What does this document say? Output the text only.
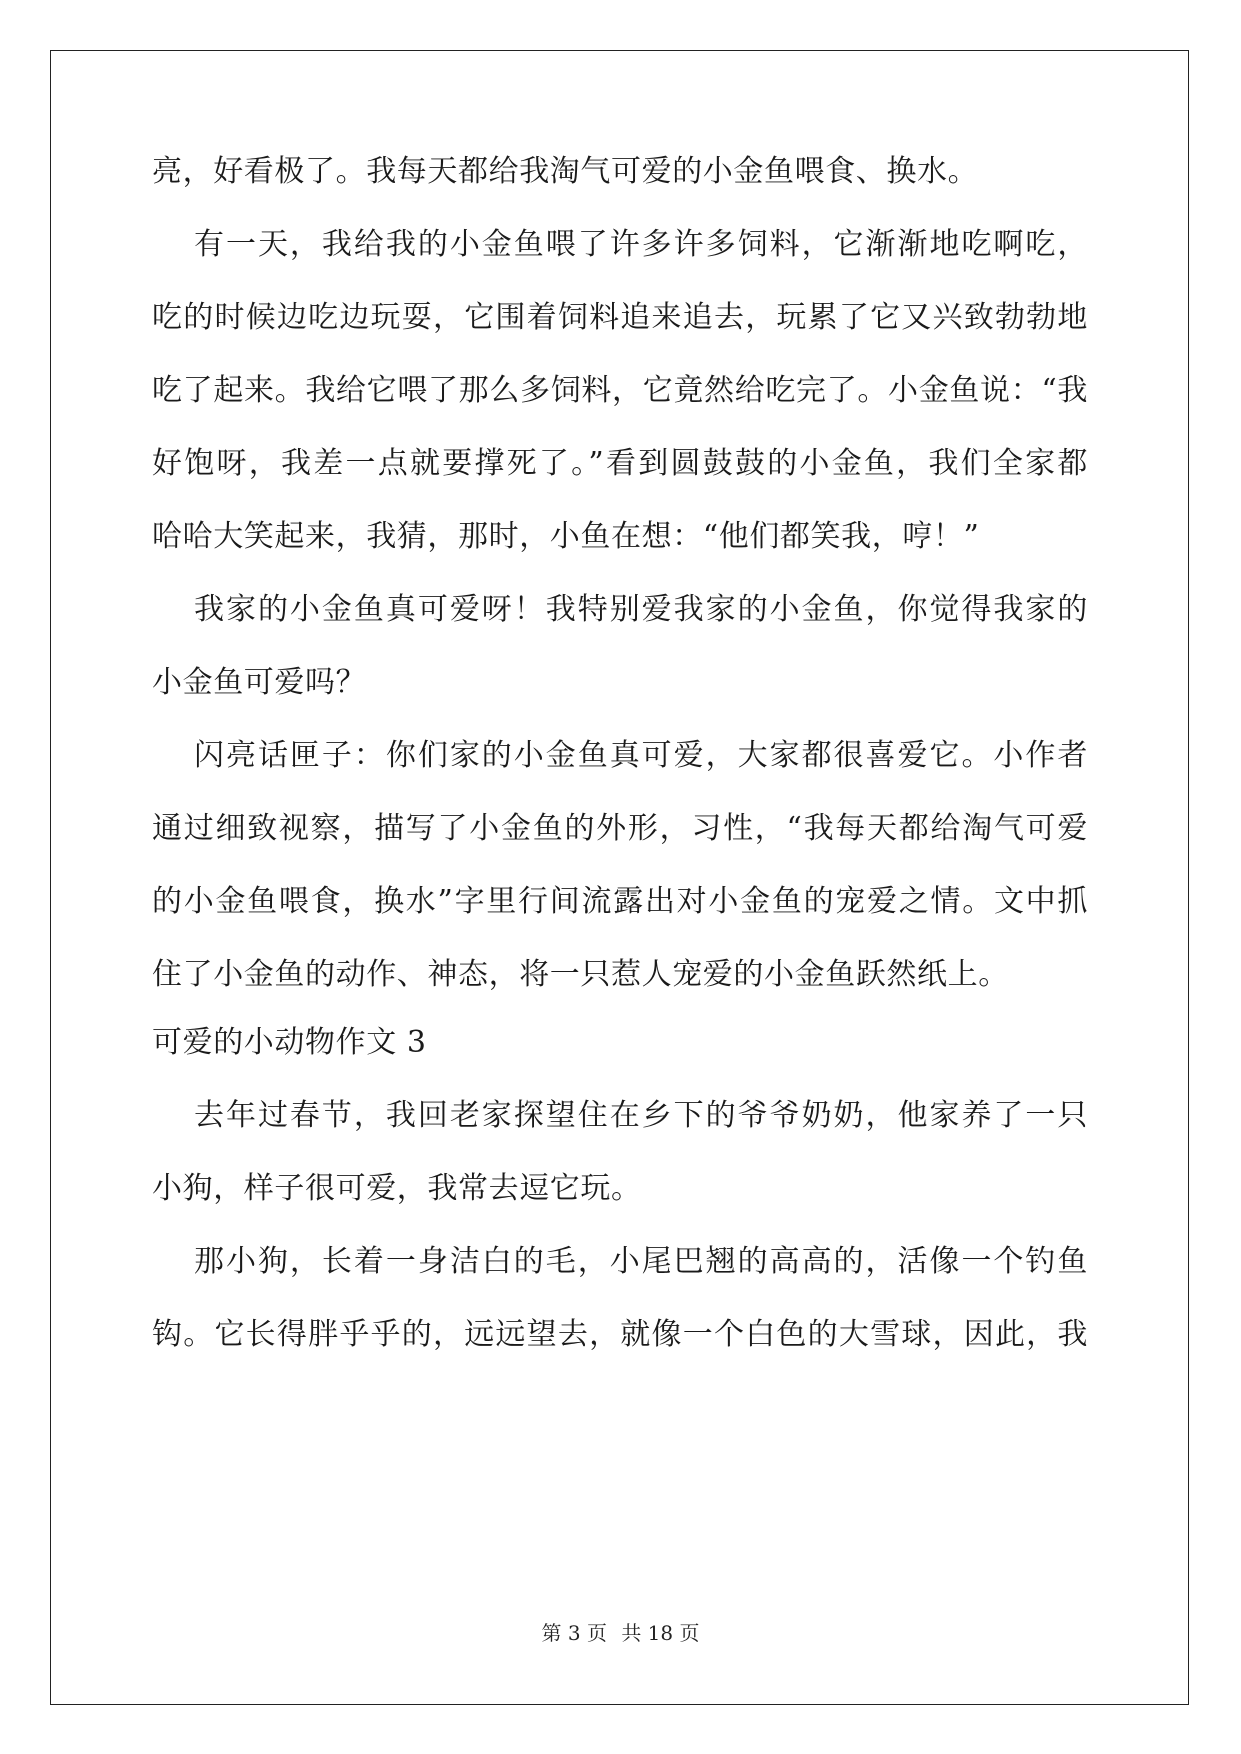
亮，好看极了。我每天都给我淘气可爱的小金鱼喂食、换水。
有一天，我给我的小金鱼喂了许多许多饲料，它渐渐地吃啊吃，
吃的时候边吃边玩耍，它围着饲料追来追去，玩累了它又兴致勃勃地
吃了起来。我给它喂了那么多饲料，它竟然给吃完了。小金鱼说：“我
好饱呀，我差一点就要撑死了。”看到圆鼓鼓的小金鱼，我们全家都
哈哈大笑起来，我猜，那时，小鱼在想：“他们都笑我，哼！”
我家的小金鱼真可爱呀！我特别爱我家的小金鱼，你觉得我家的
小金鱼可爱吗？
闪亮话匣子：你们家的小金鱼真可爱，大家都很喜爱它。小作者
通过细致视察，描写了小金鱼的外形，习性，“我每天都给淘气可爱
的小金鱼喂食，换水”字里行间流露出对小金鱼的宠爱之情。文中抓
住了小金鱼的动作、神态，将一只惹人宠爱的小金鱼跃然纸上。
可爱的小动物作文 3
去年过春节，我回老家探望住在乡下的爷爷奶奶，他家养了一只
小狗，样子很可爱，我常去逗它玩。
那小狗，长着一身洁白的毛，小尾巴翘的高高的，活像一个钓鱼
钩。它长得胖乎乎的，远远望去，就像一个白色的大雪球，因此，我
第 3 页 共 18 页
